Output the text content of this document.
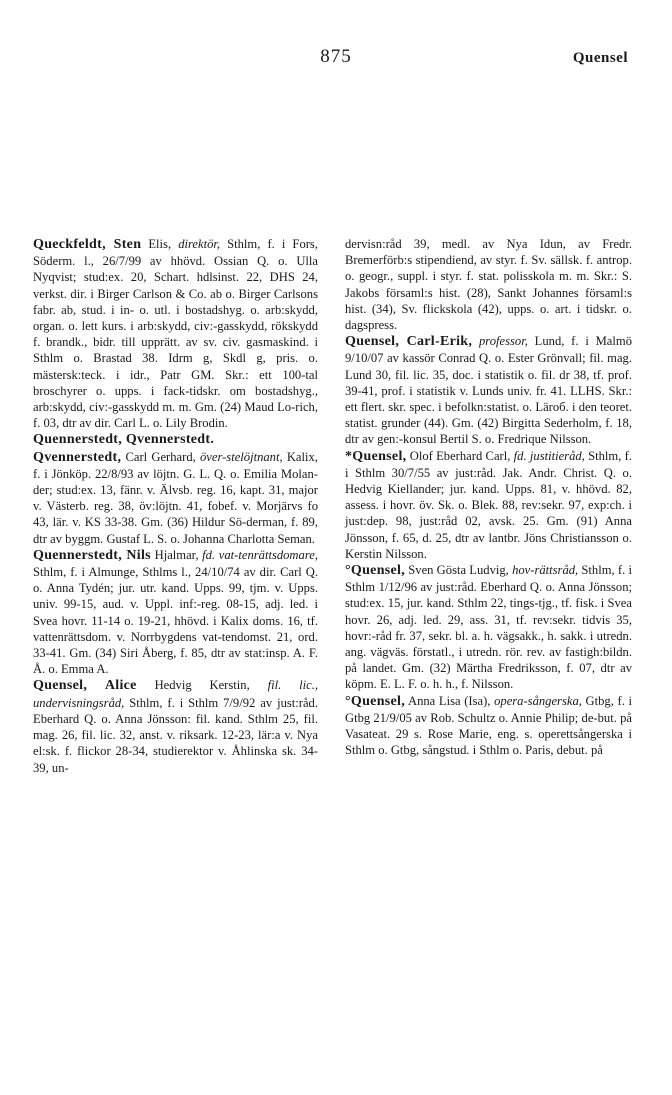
875	Quensel

Queckfeldt, Sten Elis, direktör, Sthlm, f. i Fors, Söderm. l., 26/7/99 av hhövd. Ossian Q. o. Ulla Nyqvist; stud:ex. 20, Schart. hdlsinst. 22, DHS 24, verkst. dir. i Birger Carlson & Co. ab o. Birger Carlsons fabr. ab, stud. i in- o. utl. i bostadshyg. o. arb:skydd, organ. o. lett kurs. i arb:skydd, civ:-gasskydd, rökskydd f. brandk., bidr. till upprätt. av sv. civ. gasmaskind. i Sthlm o. Brastad 38. Idrm g, Skdl g, pris. o. mästersk:teck. i idr., Patr GM. Skr.: ett 100-tal broschyrer o. upps. i fack-tidskr. om bostadshyg., arb:skydd, civ:-gasskydd m. m. Gm. (24) Maud Lo-rich, f. 03, dtr av dir. Carl L. o. Lily Brodin.

Quennerstedt, Qvennerstedt.

Qvennerstedt, Carl Gerhard, över-stelöjtnant, Kalix, f. i Jönköp. 22/8/93 av löjtn. G. L. Q. o. Emilia Molan-der; stud:ex. 13, fänr. v. Älvsb. reg. 16, kapt. 31, major v. Västerb. reg. 38, öv:löjtn. 41, fobef. v. Morjärvs fo 43, lär. v. KS 33-38. Gm. (36) Hildur Sö-derman, f. 89, dtr av byggm. Gustaf L. S. o. Johanna Charlotta Seman.

Quennerstedt, Nils Hjalmar, fd. vat-tenrättsdomare, Sthlm, f. i Almunge, Sthlms l., 24/10/74 av dir. Carl Q. o. Anna Tydén; jur. utr. kand. Upps. 99, tjm. v. Upps. univ. 99-15, aud. v. Uppl. inf:-reg. 08-15, adj. led. i Svea hovr. 11-14 o. 19-21, hhövd. i Kalix doms. 16, tf. vattenrättsdom. v. Norrbygdens vat-tendomst. 21, ord. 33-41. Gm. (34) Siri Åberg, f. 85, dtr av stat:insp. A. F. Å. o. Emma A.

Quensel, Alice Hedvig Kerstin, fil. lic., undervisningsråd, Sthlm, f. i Sthlm 7/9/92 av just:råd. Eberhard Q. o. Anna Jönsson: fil. kand. Sthlm 25, fil. mag. 26, fil. lic. 32, anst. v. riksark. 12-23, lär:a v. Nya el:sk. f. flickor 28-34, studierektor v. Åhlinska sk. 34-39, un-

dervisn:råd 39, medl. av Nya Idun, av Fredr. Bremerförb:s stipendiend, av styr. f. Sv. sällsk. f. antrop. o. geogr., suppl. i styr. f. stat. polisskola m. m. Skr.: S. Jakobs församl:s hist. (28), Sankt Johannes församl:s hist. (34), Sv. flickskola (42), upps. o. art. i tidskr. o. dagspress.

Quensel, Carl-Erik, professor, Lund, f. i Malmö 9/10/07 av kassör Conrad Q. o. Ester Grönvall; fil. mag. Lund 30, fil. lic. 35, doc. i statistik o. fil. dr 38, tf. prof. 39-41, prof. i statistik v. Lunds univ. fr. 41. LLHS. Skr.: ett flert. skr. spec. i befolkn:statist. o. Läroб. i den teoret. statist. grunder (44). Gm. (42) Birgitta Sederholm, f. 18, dtr av gen:-konsul Bertil S. o. Fredrique Nilsson.

*Quensel, Olof Eberhard Carl, fd. justitieråd, Sthlm, f. i Sthlm 30/7/55 av just:råd. Jak. Andr. Christ. Q. o. Hedvig Kiellander; jur. kand. Upps. 81, v. hhövd. 82, assess. i hovr. öv. Sk. o. Blek. 88, rev:sekr. 97, exp:ch. i just:dep. 98, just:råd 02, avsk. 25. Gm. (91) Anna Jönsson, f. 65, d. 25, dtr av lantbr. Jöns Christiansson o. Kerstin Nilsson.

°Quensel, Sven Gösta Ludvig, hov-rättsråd, Sthlm, f. i Sthlm 1/12/96 av just:råd. Eberhard Q. o. Anna Jönsson; stud:ex. 15, jur. kand. Sthlm 22, tings-tjg., tf. fisk. i Svea hovr. 26, adj. led. 29, ass. 31, tf. rev:sekr. tidvis 35, hovr:-råd fr. 37, sekr. bl. a. h. vägsakk., h. sakk. i utredn. ang. vägväs. förstatl., i utredn. rör. rev. av fastigh:bildn. på landet. Gm. (32) Märtha Fredriksson, f. 07, dtr av köpm. E. L. F. o. h. h., f. Nilsson.

°Quensel, Anna Lisa (Isa), opera-sångerska, Gtbg, f. i Gtbg 21/9/05 av Rob. Schultz o. Annie Philip; de-but. på Vasateat. 29 s. Rose Marie, eng. s. operettsångerska i Sthlm o. Gtbg, sångstud. i Sthlm o. Paris, debut. på
